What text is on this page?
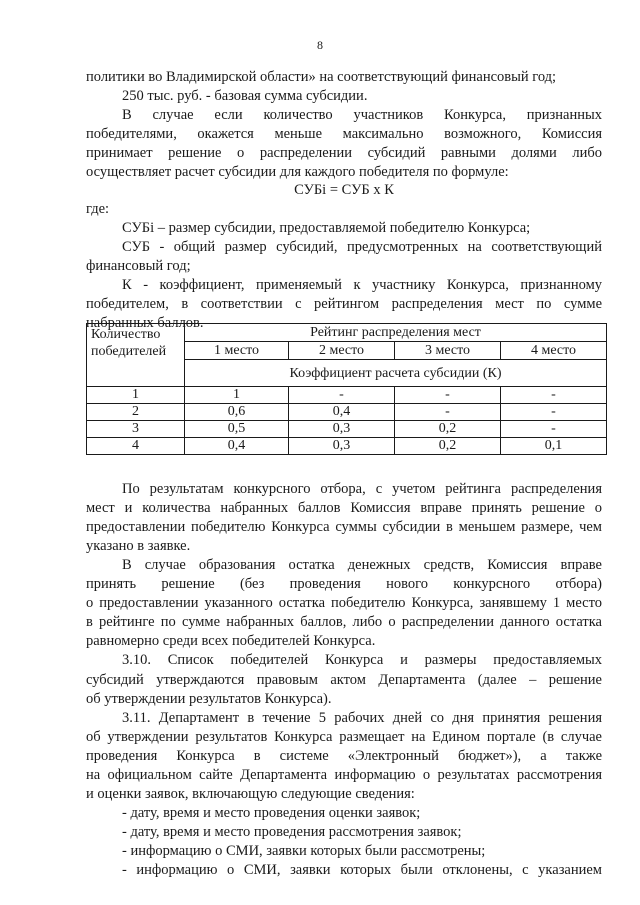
8
политики во Владимирской области» на соответствующий финансовый год;
250 тыс. руб. - базовая сумма субсидии.
В случае если количество участников Конкурса, признанных
победителями, окажется меньше максимально возможного, Комиссия
принимает решение о распределении субсидий равными долями либо
осуществляет расчет субсидии для каждого победителя по формуле:
СУБi = СУБ x К
где:
СУБi – размер субсидии, предоставляемой победителю Конкурса;
СУБ - общий размер субсидий, предусмотренных на соответствующий
финансовый год;
К - коэффициент, применяемый к участнику Конкурса, признанному
победителем, в соответствии с рейтингом распределения мест по сумме
набранных баллов.
Количество победителей	Рейтинг распределения мест			
	1 место	2 место	3 место	4 место
	Коэффициент расчета субсидии (К)			
1	1	-	-	-
2	0,6	0,4	-	-
3	0,5	0,3	0,2	-
4	0,4	0,3	0,2	0,1
По результатам конкурсного отбора, с учетом рейтинга распределения
мест и количества набранных баллов Комиссия вправе принять решение о
предоставлении победителю Конкурса суммы субсидии в меньшем размере, чем
указано в заявке.
В случае образования остатка денежных средств, Комиссия вправе
принять решение (без проведения нового конкурсного отбора)
о предоставлении указанного остатка победителю Конкурса, занявшему 1 место
в рейтинге по сумме набранных баллов, либо о распределении данного остатка
равномерно среди всех победителей Конкурса.
3.10. Список победителей Конкурса и размеры предоставляемых
субсидий утверждаются правовым актом Департамента (далее – решение
об утверждении результатов Конкурса).
3.11. Департамент в течение 5 рабочих дней со дня принятия решения
об утверждении результатов Конкурса размещает на Едином портале (в случае
проведения Конкурса в системе «Электронный бюджет»), а также
на официальном сайте Департамента информацию о результатах рассмотрения
и оценки заявок, включающую следующие сведения:
- дату, время и место проведения оценки заявок;
- дату, время и место проведения рассмотрения заявок;
- информацию о СМИ, заявки которых были рассмотрены;
- информацию о СМИ, заявки которых были отклонены, с указанием
